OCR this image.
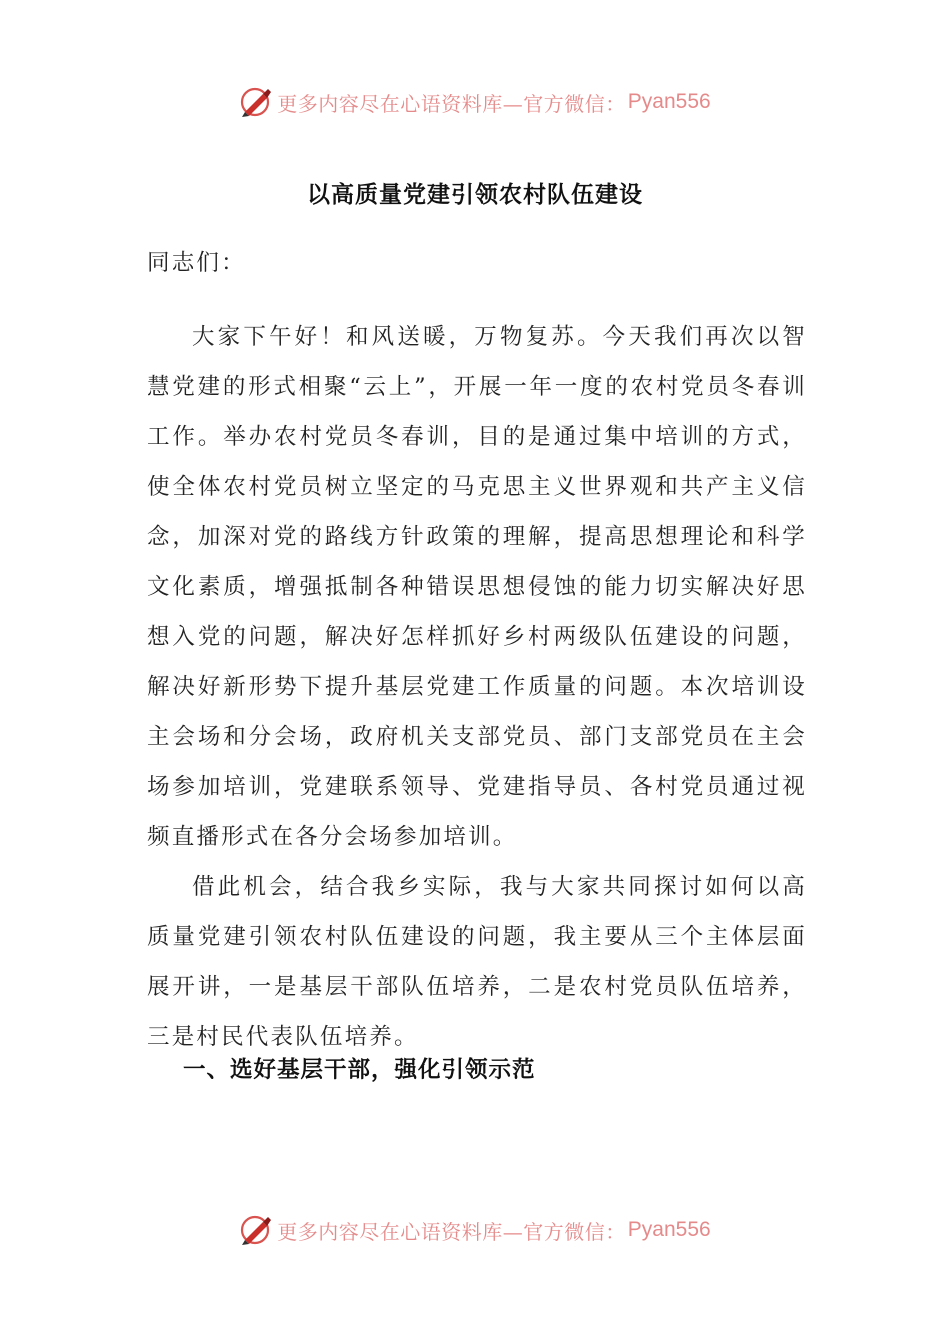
更多内容尽在心语资料库—官方微信： Pyan556
以高质量党建引领农村队伍建设

同志们：

大家下午好！和风送暖，万物复苏。今天我们再次以智慧党建的形式相聚“云上”，开展一年一度的农村党员冬春训工作。举办农村党员冬春训，目的是通过集中培训的方式，使全体农村党员树立坚定的马克思主义世界观和共产主义信念，加深对党的路线方针政策的理解，提高思想理论和科学文化素质，增强抵制各种错误思想侵蚀的能力切实解决好思想入党的问题，解决好怎样抓好乡村两级队伍建设的问题，解决好新形势下提升基层党建工作质量的问题。本次培训设主会场和分会场，政府机关支部党员、部门支部党员在主会场参加培训，党建联系领导、党建指导员、各村党员通过视频直播形式在各分会场参加培训。

借此机会，结合我乡实际，我与大家共同探讨如何以高质量党建引领农村队伍建设的问题，我主要从三个主体层面展开讲，一是基层干部队伍培养，二是农村党员队伍培养，三是村民代表队伍培养。

一、选好基层干部，强化引领示范
更多内容尽在心语资料库—官方微信： Pyan556
